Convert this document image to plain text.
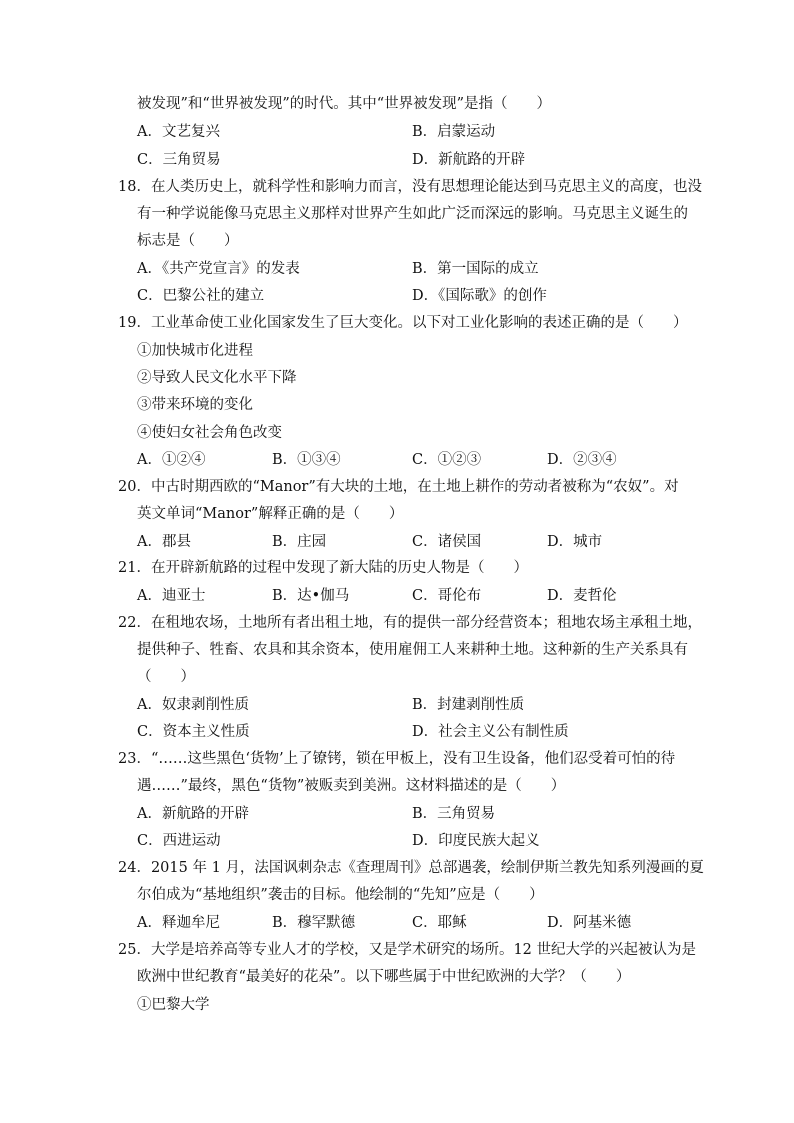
被发现”和“世界被发现”的时代。其中“世界被发现”是指（　　）
A．文艺复兴	B．启蒙运动
C．三角贸易	D．新航路的开辟
18．在人类历史上，就科学性和影响力而言，没有思想理论能达到马克思主义的高度，也没
有一种学说能像马克思主义那样对世界产生如此广泛而深远的影响。马克思主义诞生的
标志是（　　）
A．《共产党宣言》的发表	B．第一国际的成立
C．巴黎公社的建立	D．《国际歌》的创作
19．工业革命使工业化国家发生了巨大变化。以下对工业化影响的表述正确的是（　　）
①加快城市化进程
②导致人民文化水平下降
③带来环境的变化
④使妇女社会角色改变
A．①②④	B．①③④	C．①②③	D．②③④
20．中古时期西欧的“Manor”有大块的土地，在土地上耕作的劳动者被称为“农奴”。对
英文单词“Manor”解释正确的是（　　）
A．郡县	B．庄园	C．诸侯国	D．城市
21．在开辟新航路的过程中发现了新大陆的历史人物是（　　）
A．迪亚士	B．达•伽马	C．哥伦布	D．麦哲伦
22．在租地农场，土地所有者出租土地，有的提供一部分经营资本；租地农场主承租土地，
提供种子、牲畜、农具和其余资本，使用雇佣工人来耕种土地。这种新的生产关系具有
（　　）
A．奴隶剥削性质	B．封建剥削性质
C．资本主义性质	D．社会主义公有制性质
23．“……这些黑色‘货物’上了镣铐，锁在甲板上，没有卫生设备，他们忍受着可怕的待
遇……”最终，黑色“货物”被贩卖到美洲。这材料描述的是（　　）
A．新航路的开辟	B．三角贸易
C．西进运动	D．印度民族大起义
24．2015 年 1 月，法国讽刺杂志《查理周刊》总部遇袭，绘制伊斯兰教先知系列漫画的夏
尔伯成为“基地组织”袭击的目标。他绘制的“先知”应是（　　）
A．释迦牟尼	B．穆罕默德	C．耶稣	D．阿基米德
25．大学是培养高等专业人才的学校，又是学术研究的场所。12 世纪大学的兴起被认为是
欧洲中世纪教育“最美好的花朵”。以下哪些属于中世纪欧洲的大学？（　　）
①巴黎大学
